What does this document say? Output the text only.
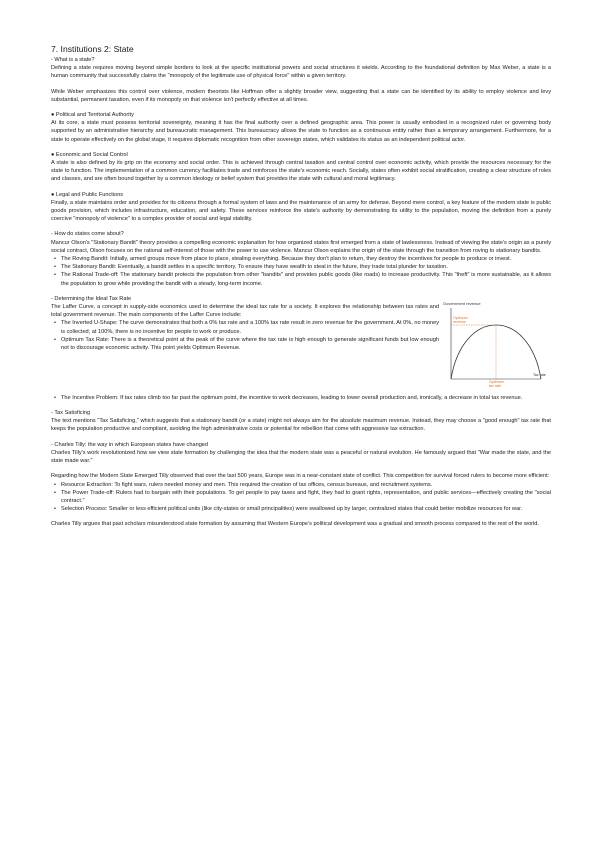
7. Institutions 2: State

- What is a state?

Defining a state requires moving beyond simple borders to look at the specific institutional powers and social structures it wields. According to the foundational definition by Max Weber, a state is a human community that successfully claims the "monopoly of the legitimate use of physical force" within a given territory.

While Weber emphasizes this control over violence, modern theorists like Hoffman offer a slightly broader view, suggesting that a state can be identified by its ability to employ violence and levy substantial, permanent taxation, even if its monopoly on that violence isn't perfectly effective at all times.

● Political and Territorial Authority

At its core, a state must possess territorial sovereignty, meaning it has the final authority over a defined geographic area. This power is usually embodied in a recognized ruler or governing body supported by an administrative hierarchy and bureaucratic management. This bureaucracy allows the state to function as a continuous entity rather than a temporary arrangement. Furthermore, for a state to operate effectively on the global stage, it requires diplomatic recognition from other sovereign states, which validates its status as an independent political actor.

● Economic and Social Control

A state is also defined by its grip on the economy and social order. This is achieved through central taxation and central control over economic activity, which provide the resources necessary for the state to function. The implementation of a common currency facilitates trade and reinforces the state's economic reach. Socially, states often exhibit social stratification, creating a clear structure of roles and classes, and are often bound together by a common ideology or belief system that provides the state with cultural and moral legitimacy.

● Legal and Public Functions

Finally, a state maintains order and provides for its citizens through a formal system of laws and the maintenance of an army for defense. Beyond mere control, a key feature of the modern state is public goods provision, which includes infrastructure, education, and safety. These services reinforce the state's authority by demonstrating its utility to the population, moving the definition from a purely coercive "monopoly of violence" to a complex provider of social and legal stability.

- How do states come about?

Mancur Olson's "Stationary Bandit" theory provides a compelling economic explanation for how organized states first emerged from a state of lawlessness. Instead of viewing the state's origin as a purely social contract, Olson focuses on the rational self-interest of those with the power to use violence. Mancur Olson explains the origin of the state through the transition from roving to stationary bandits.

• The Roving Bandit: Initially, armed groups move from place to place, stealing everything. Because they don't plan to return, they destroy the incentives for people to produce or invest.
• The Stationary Bandit: Eventually, a bandit settles in a specific territory. To ensure they have wealth to steal in the future, they trade total plunder for taxation.
• The Rational Trade-off: The stationary bandit protects the population from other "bandits" and provides public goods (like roads) to increase productivity. This "theft" is more sustainable, as it allows the population to grow while providing the bandit with a steady, long-term income.

- Determining the Ideal Tax Rate

The Laffer Curve, a concept in supply-side economics used to determine the ideal tax rate for a society. It explores the relationship between tax rates and total government revenue. The main components of the Laffer Curve include:

• The Inverted U-Shape: The curve demonstrates that both a 0% tax rate and a 100% tax rate result in zero revenue for the government. At 0%, no money is collected; at 100%, there is no incentive for people to work or produce.
• Optimum Tax Rate: There is a theoretical point at the peak of the curve where the tax rate is high enough to generate significant funds but low enough not to discourage economic activity. This point yields Optimum Revenue.
Government revenue
Optimum revenue
Optimum tax rate
Tax rate
• The Incentive Problem: If tax rates climb too far past the optimum point, the incentive to work decreases, leading to lower overall production and, ironically, a decrease in total tax revenue.

- Tax Satisficing

The text mentions "Tax Satisficing," which suggests that a stationary bandit (or a state) might not always aim for the absolute maximum revenue. Instead, they may choose a "good enough" tax rate that keeps the population productive and compliant, avoiding the high administrative costs or potential for rebellion that come with aggressive tax extraction.

- Charles Tilly: the way in which European states have changed

Charles Tilly's work revolutionized how we view state formation by challenging the idea that the modern state was a peaceful or natural evolution. He famously argued that "War made the state, and the state made war."

Regarding how the Modern State Emerged Tilly observed that over the last 500 years, Europe was in a near-constant state of conflict. This competition for survival forced rulers to become more efficient:

• Resource Extraction: To fight wars, rulers needed money and men. This required the creation of tax offices, census bureaus, and recruitment systems.
• The Power Trade-off: Rulers had to bargain with their populations. To get people to pay taxes and fight, they had to grant rights, representation, and public services—effectively creating the "social contract."
• Selection Process: Smaller or less efficient political units (like city-states or small principalities) were swallowed up by larger, centralized states that could better mobilize resources for war.

Charles Tilly argues that past scholars misunderstood state formation by assuming that Western Europe's political development was a gradual and smooth process compared to the rest of the world.
